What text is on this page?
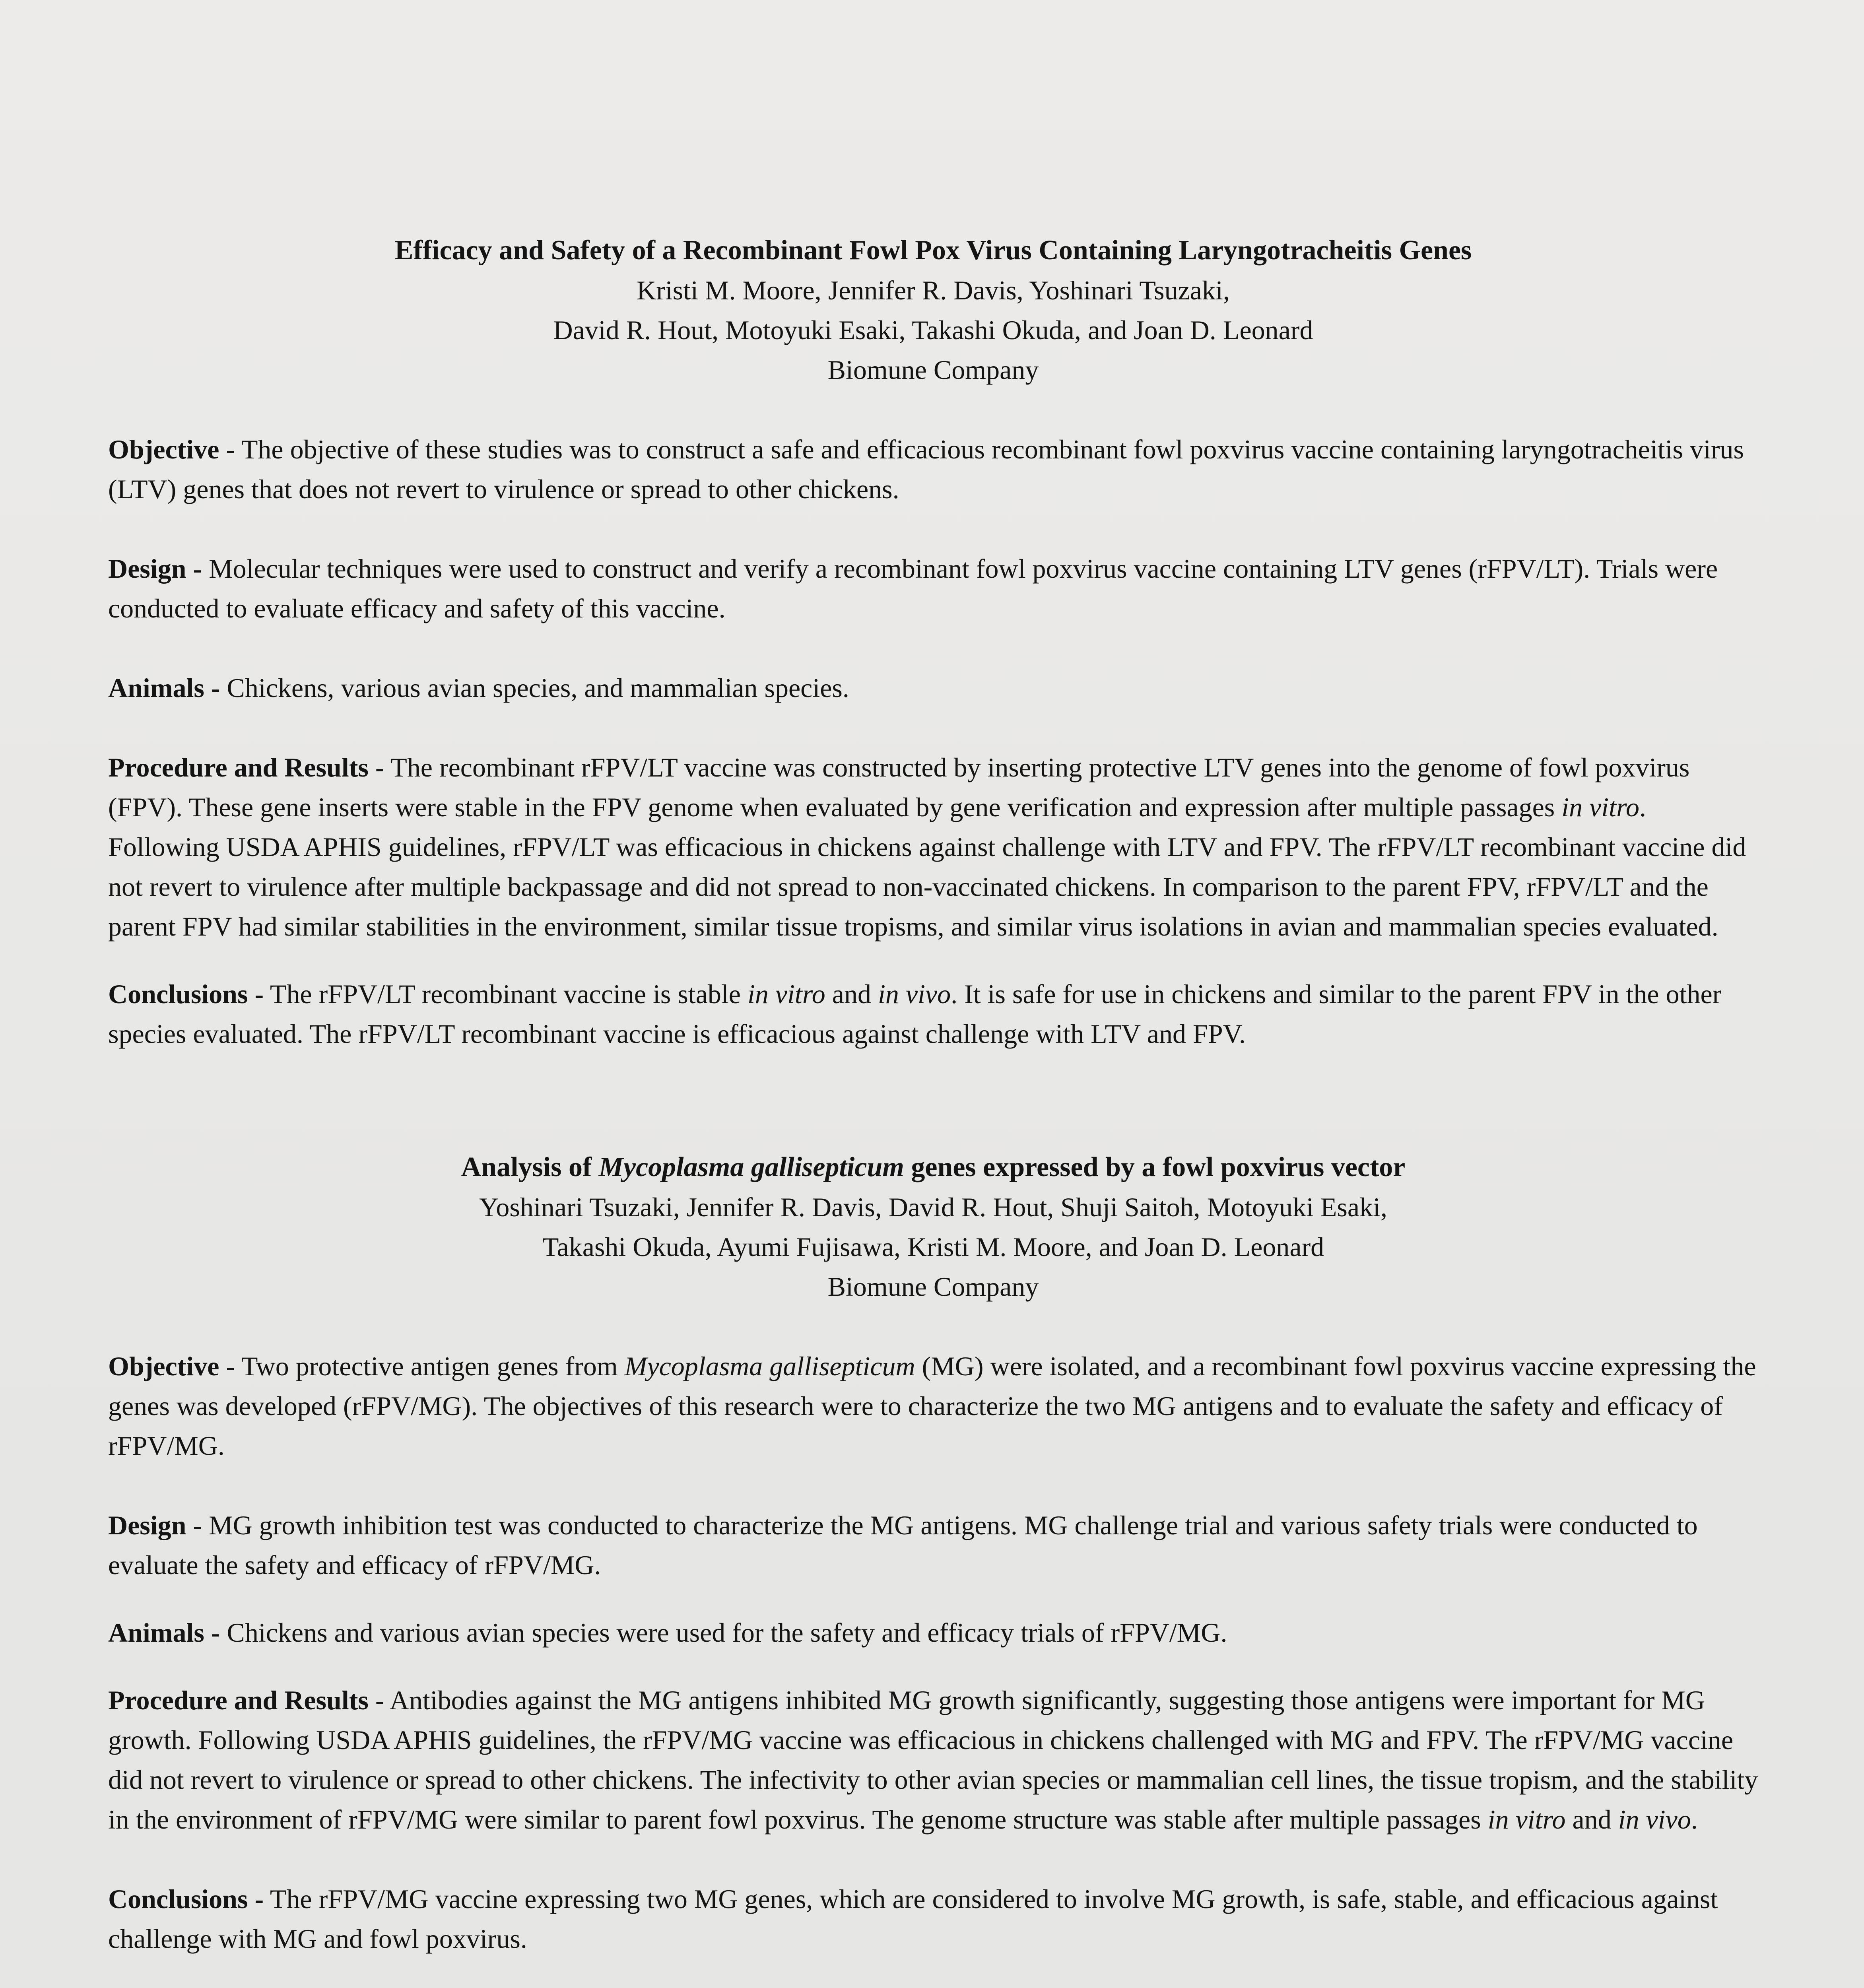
Efficacy and Safety of a Recombinant Fowl Pox Virus Containing Laryngotracheitis Genes
Kristi M. Moore, Jennifer R. Davis, Yoshinari Tsuzaki,
David R. Hout, Motoyuki Esaki, Takashi Okuda, and Joan D. Leonard
Biomune Company

Objective - The objective of these studies was to construct a safe and efficacious recombinant fowl poxvirus vaccine containing laryngotracheitis virus (LTV) genes that does not revert to virulence or spread to other chickens.

Design - Molecular techniques were used to construct and verify a recombinant fowl poxvirus vaccine containing LTV genes (rFPV/LT). Trials were conducted to evaluate efficacy and safety of this vaccine.

Animals - Chickens, various avian species, and mammalian species.

Procedure and Results - The recombinant rFPV/LT vaccine was constructed by inserting protective LTV genes into the genome of fowl poxvirus (FPV). These gene inserts were stable in the FPV genome when evaluated by gene verification and expression after multiple passages in vitro. Following USDA APHIS guidelines, rFPV/LT was efficacious in chickens against challenge with LTV and FPV. The rFPV/LT recombinant vaccine did not revert to virulence after multiple backpassage and did not spread to non-vaccinated chickens. In comparison to the parent FPV, rFPV/LT and the parent FPV had similar stabilities in the environment, similar tissue tropisms, and similar virus isolations in avian and mammalian species evaluated.

Conclusions - The rFPV/LT recombinant vaccine is stable in vitro and in vivo. It is safe for use in chickens and similar to the parent FPV in the other species evaluated. The rFPV/LT recombinant vaccine is efficacious against challenge with LTV and FPV.

Analysis of Mycoplasma gallisepticum genes expressed by a fowl poxvirus vector
Yoshinari Tsuzaki, Jennifer R. Davis, David R. Hout, Shuji Saitoh, Motoyuki Esaki,
Takashi Okuda, Ayumi Fujisawa, Kristi M. Moore, and Joan D. Leonard
Biomune Company

Objective - Two protective antigen genes from Mycoplasma gallisepticum (MG) were isolated, and a recombinant fowl poxvirus vaccine expressing the genes was developed (rFPV/MG). The objectives of this research were to characterize the two MG antigens and to evaluate the safety and efficacy of rFPV/MG.

Design - MG growth inhibition test was conducted to characterize the MG antigens. MG challenge trial and various safety trials were conducted to evaluate the safety and efficacy of rFPV/MG.

Animals - Chickens and various avian species were used for the safety and efficacy trials of rFPV/MG.

Procedure and Results - Antibodies against the MG antigens inhibited MG growth significantly, suggesting those antigens were important for MG growth. Following USDA APHIS guidelines, the rFPV/MG vaccine was efficacious in chickens challenged with MG and FPV. The rFPV/MG vaccine did not revert to virulence or spread to other chickens. The infectivity to other avian species or mammalian cell lines, the tissue tropism, and the stability in the environment of rFPV/MG were similar to parent fowl poxvirus. The genome structure was stable after multiple passages in vitro and in vivo.

Conclusions - The rFPV/MG vaccine expressing two MG genes, which are considered to involve MG growth, is safe, stable, and efficacious against challenge with MG and fowl poxvirus.
